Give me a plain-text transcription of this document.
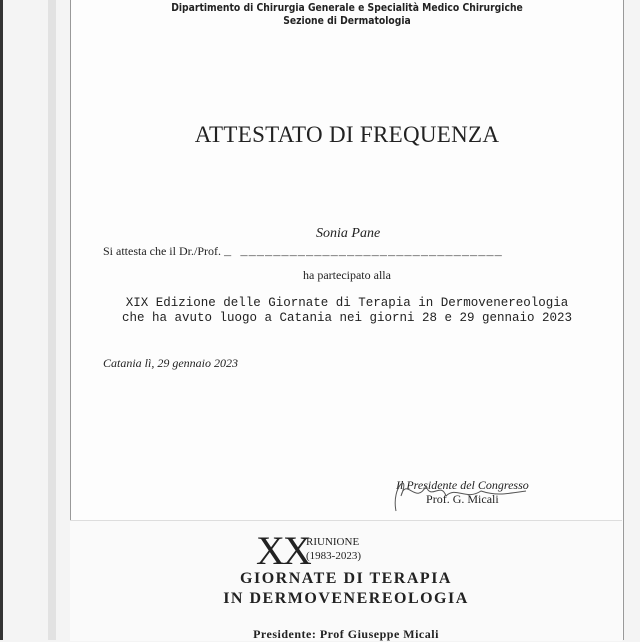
Dipartimento di Chirurgia Generale e Specialità Medico Chirurgiche
Sezione di Dermatologia
ATTESTATO DI FREQUENZA
Sonia Pane
Si attesta che il Dr./Prof. _ ________________________________
ha partecipato alla
XIX Edizione delle Giornate di Terapia in Dermovenereologia
che ha avuto luogo a Catania nei giorni 28 e 29 gennaio 2023
Catania lì, 29 gennaio 2023
Il Presidente del Congresso
Prof. G. Micali
XX
RIUNIONE
(1983-2023)
GIORNATE DI TERAPIA
IN DERMOVENEREOLOGIA
Presidente: Prof Giuseppe Micali
